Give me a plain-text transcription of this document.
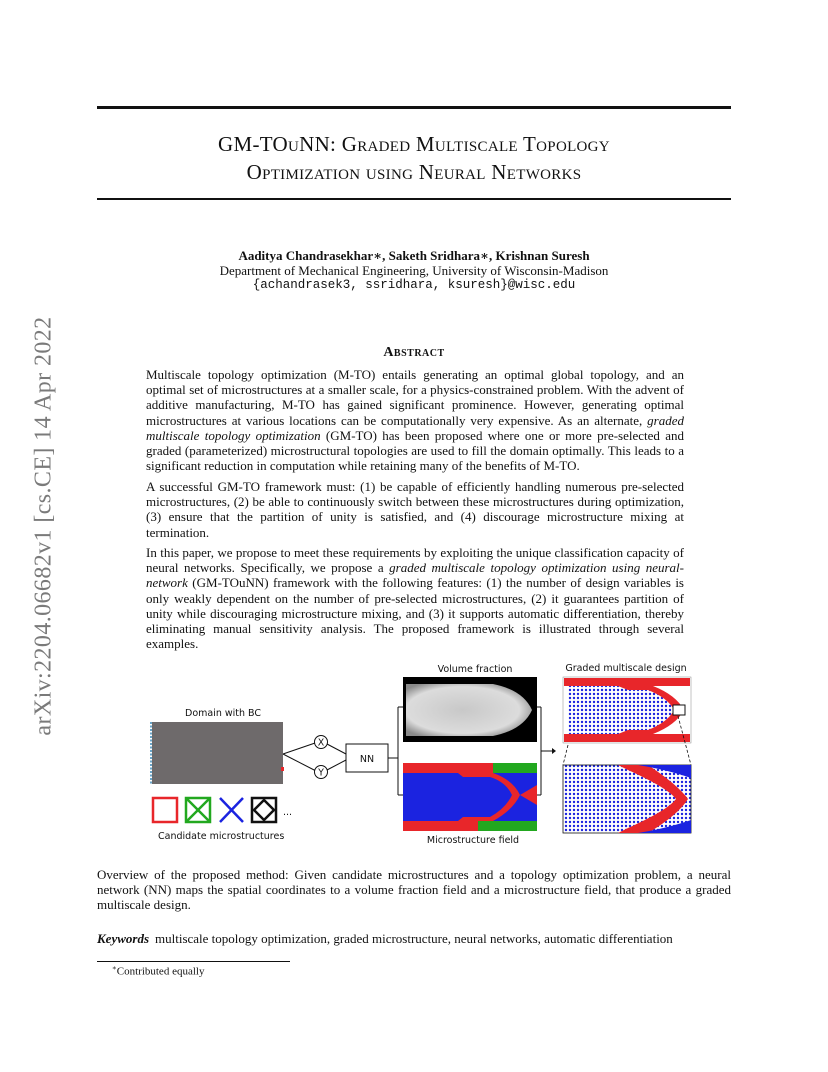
arXiv:2204.06682v1 [cs.CE] 14 Apr 2022
GM-TOuNN: Graded Multiscale Topology
Optimization using Neural Networks
Aaditya Chandrasekhar∗, Saketh Sridhara∗, Krishnan Suresh
Department of Mechanical Engineering, University of Wisconsin-Madison
{achandrasek3, ssridhara, ksuresh}@wisc.edu
Abstract

Multiscale topology optimization (M-TO) entails generating an optimal global topology, and an optimal set of microstructures at a smaller scale, for a physics-constrained problem. With the advent of additive manufacturing, M-TO has gained significant prominence. However, generating optimal microstructures at various locations can be computationally very expensive. As an alternate, graded multiscale topology optimization (GM-TO) has been proposed where one or more pre-selected and graded (parameterized) microstructural topologies are used to fill the domain optimally. This leads to a significant reduction in computation while retaining many of the benefits of M-TO.

A successful GM-TO framework must: (1) be capable of efficiently handling numerous pre-selected microstructures, (2) be able to continuously switch between these microstructures during optimization, (3) ensure that the partition of unity is satisfied, and (4) discourage microstructure mixing at termination.

In this paper, we propose to meet these requirements by exploiting the unique classification capacity of neural networks. Specifically, we propose a graded multiscale topology optimization using neural-network (GM-TOuNN) framework with the following features: (1) the number of design variables is only weakly dependent on the number of pre-selected microstructures, (2) it guarantees partition of unity while discouraging microstructure mixing, and (3) it supports automatic differentiation, thereby eliminating manual sensitivity analysis. The proposed framework is illustrated through several examples.

Domain with BC
X
Y
NN
Volume fraction
Microstructure field
Graded multiscale design
...
Candidate microstructures

Overview of the proposed method: Given candidate microstructures and a topology optimization problem, a neural network (NN) maps the spatial coordinates to a volume fraction field and a microstructure field, that produce a graded multiscale design.

Keywords multiscale topology optimization, graded microstructure, neural networks, automatic differentiation
∗Contributed equally
